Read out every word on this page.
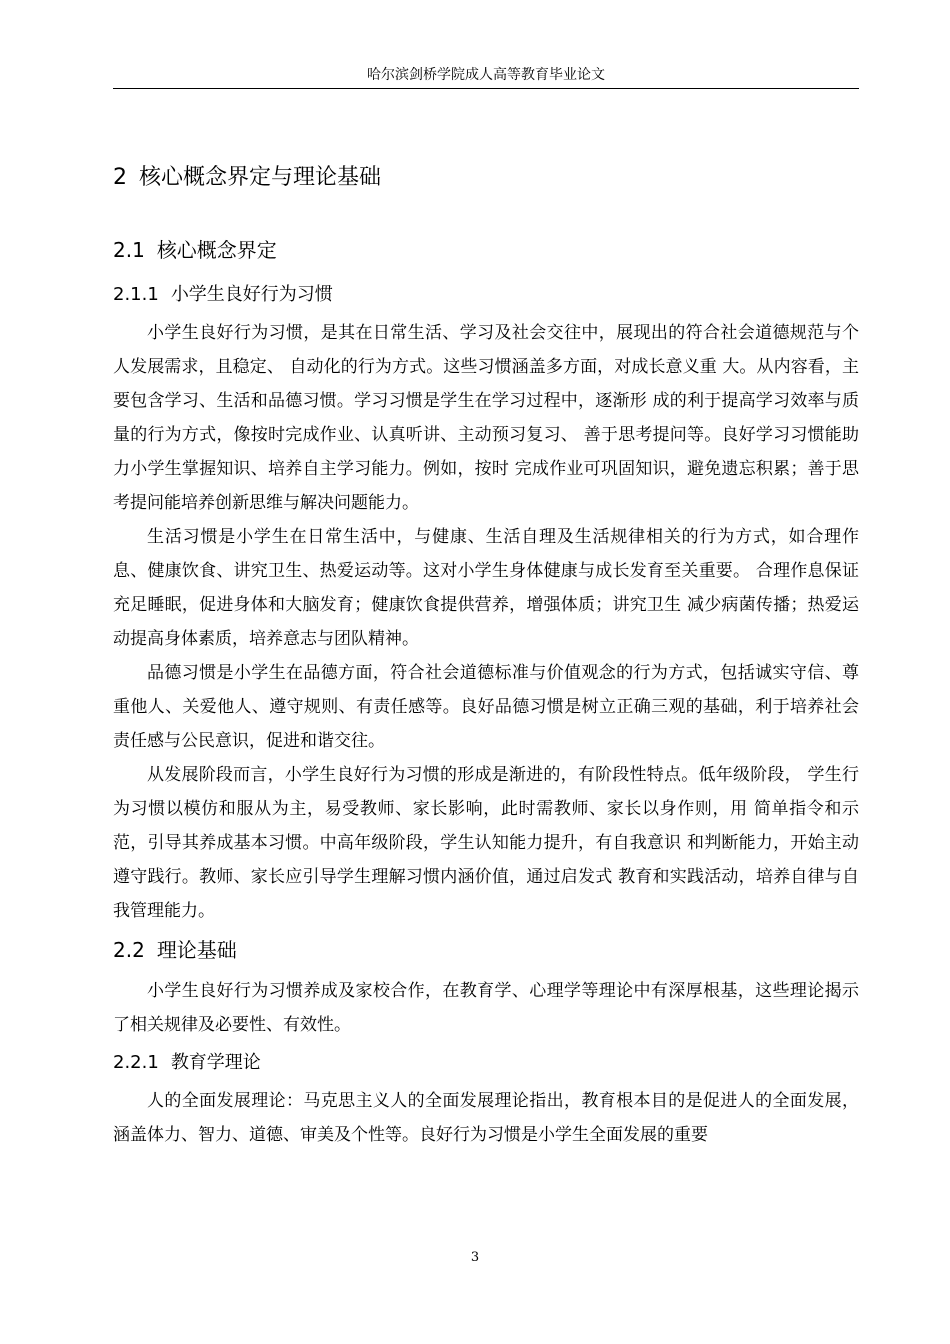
哈尔滨剑桥学院成人高等教育毕业论文
2 核心概念界定与理论基础
2.1 核心概念界定
2.1.1 小学生良好行为习惯

小学生良好行为习惯，是其在日常生活、学习及社会交往中，展现出的符合社会道德规范与个人发展需求，且稳定、 自动化的行为方式。这些习惯涵盖多方面，对成长意义重 大。从内容看，主要包含学习、生活和品德习惯。学习习惯是学生在学习过程中，逐渐形 成的利于提高学习效率与质量的行为方式，像按时完成作业、认真听讲、主动预习复习、 善于思考提问等。良好学习习惯能助力小学生掌握知识、培养自主学习能力。例如，按时 完成作业可巩固知识，避免遗忘积累；善于思考提问能培养创新思维与解决问题能力。

生活习惯是小学生在日常生活中，与健康、生活自理及生活规律相关的行为方式，如合理作息、健康饮食、讲究卫生、热爱运动等。这对小学生身体健康与成长发育至关重要。 合理作息保证充足睡眠，促进身体和大脑发育；健康饮食提供营养，增强体质；讲究卫生 减少病菌传播；热爱运动提高身体素质，培养意志与团队精神。

品德习惯是小学生在品德方面，符合社会道德标准与价值观念的行为方式，包括诚实守信、尊重他人、关爱他人、遵守规则、有责任感等。良好品德习惯是树立正确三观的基础，利于培养社会责任感与公民意识，促进和谐交往。

从发展阶段而言，小学生良好行为习惯的形成是渐进的，有阶段性特点。低年级阶段， 学生行为习惯以模仿和服从为主，易受教师、家长影响，此时需教师、家长以身作则，用 简单指令和示范，引导其养成基本习惯。中高年级阶段，学生认知能力提升，有自我意识 和判断能力，开始主动遵守践行。教师、家长应引导学生理解习惯内涵价值，通过启发式 教育和实践活动，培养自律与自我管理能力。

2.2 理论基础

小学生良好行为习惯养成及家校合作，在教育学、心理学等理论中有深厚根基，这些理论揭示了相关规律及必要性、有效性。

2.2.1 教育学理论

人的全面发展理论：马克思主义人的全面发展理论指出，教育根本目的是促进人的全面发展，涵盖体力、智力、道德、审美及个性等。良好行为习惯是小学生全面发展的重要

3
